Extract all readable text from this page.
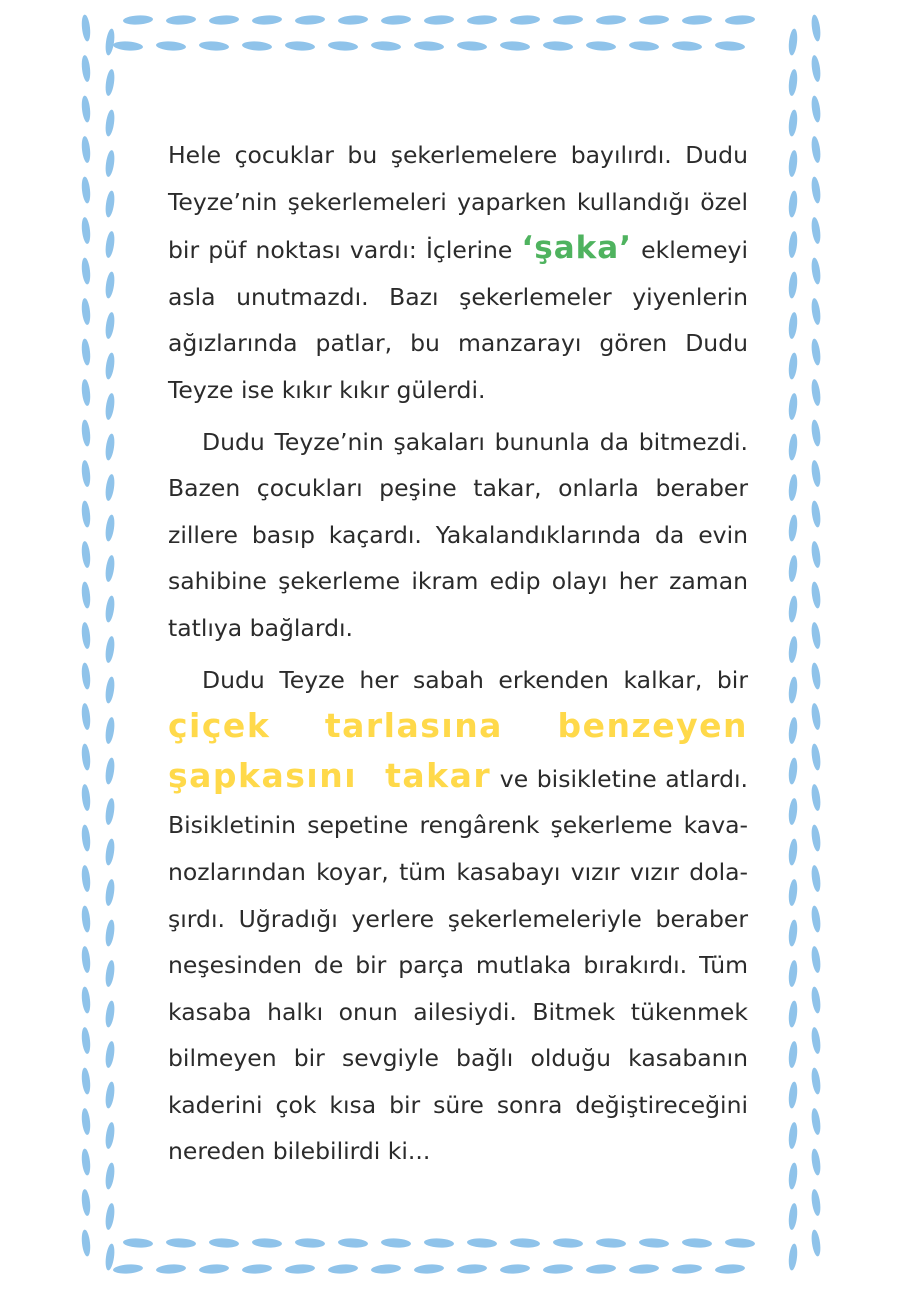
Hele çocuklar bu şekerlemelere bayılırdı. Dudu Teyze’nin şekerlemeleri yaparken kullandığı özel bir püf noktası vardı: İçlerine ‘şaka’ eklemeyi asla unutmazdı. Bazı şekerlemeler yiyenlerin ağızlarında patlar, bu manzarayı gören Dudu Teyze ise kıkır kıkır gülerdi.

Dudu Teyze’nin şakaları bununla da bitmezdi. Bazen çocukları peşine takar, onlarla beraber zillere basıp kaçardı. Yakalandıklarında da evin sahibine şekerleme ikram edip olayı her zaman tatlıya bağlardı.

Dudu Teyze her sabah erkenden kalkar, bir çiçek tarlasına benzeyen şapkasını takar ve bisikletine atlardı. Bisikletinin sepetine rengârenk şekerleme kavanozlarından koyar, tüm kasabayı vızır vızır dolaşırdı. Uğradığı yerlere şekerlemeleriyle beraber neşesinden de bir parça mutlaka bırakırdı. Tüm kasaba halkı onun ailesiydi. Bitmek tükenmek bilmeyen bir sevgiyle bağlı olduğu kasabanın kaderini çok kısa bir süre sonra değiştireceğini nereden bilebilirdi ki...
